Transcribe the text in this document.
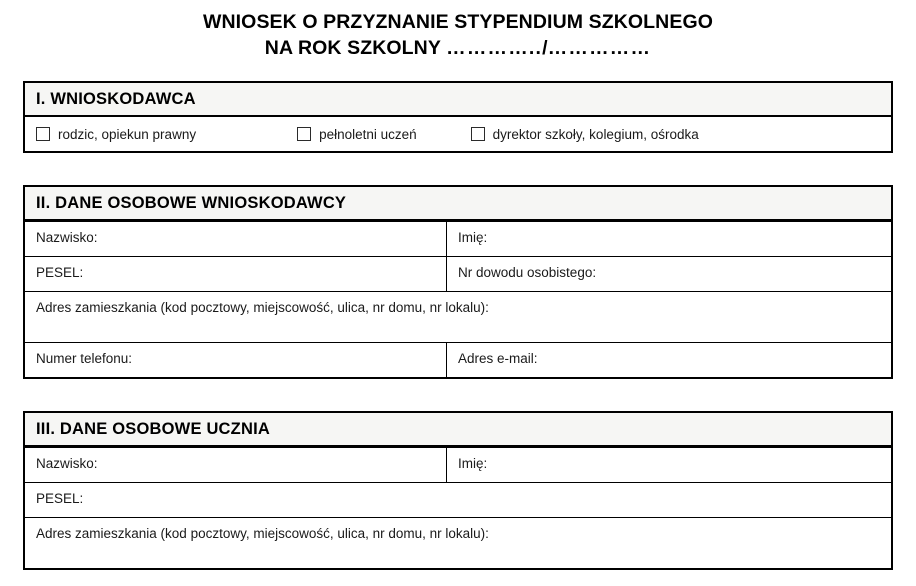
WNIOSEK O PRZYZNANIE STYPENDIUM SZKOLNEGO
NA ROK SZKOLNY …………../……………
I. WNIOSKODAWCA
rodzic, opiekun prawny	pełnoletni uczeń	dyrektor szkoły, kolegium, ośrodka
II. DANE OSOBOWE WNIOSKODAWCY
Nazwisko:	Imię:
PESEL:	Nr dowodu osobistego:
Adres zamieszkania (kod pocztowy, miejscowość, ulica, nr domu, nr lokalu):
Numer telefonu:	Adres e-mail:
III. DANE OSOBOWE UCZNIA
Nazwisko:	Imię:
PESEL:
Adres zamieszkania (kod pocztowy, miejscowość, ulica, nr domu, nr lokalu):
